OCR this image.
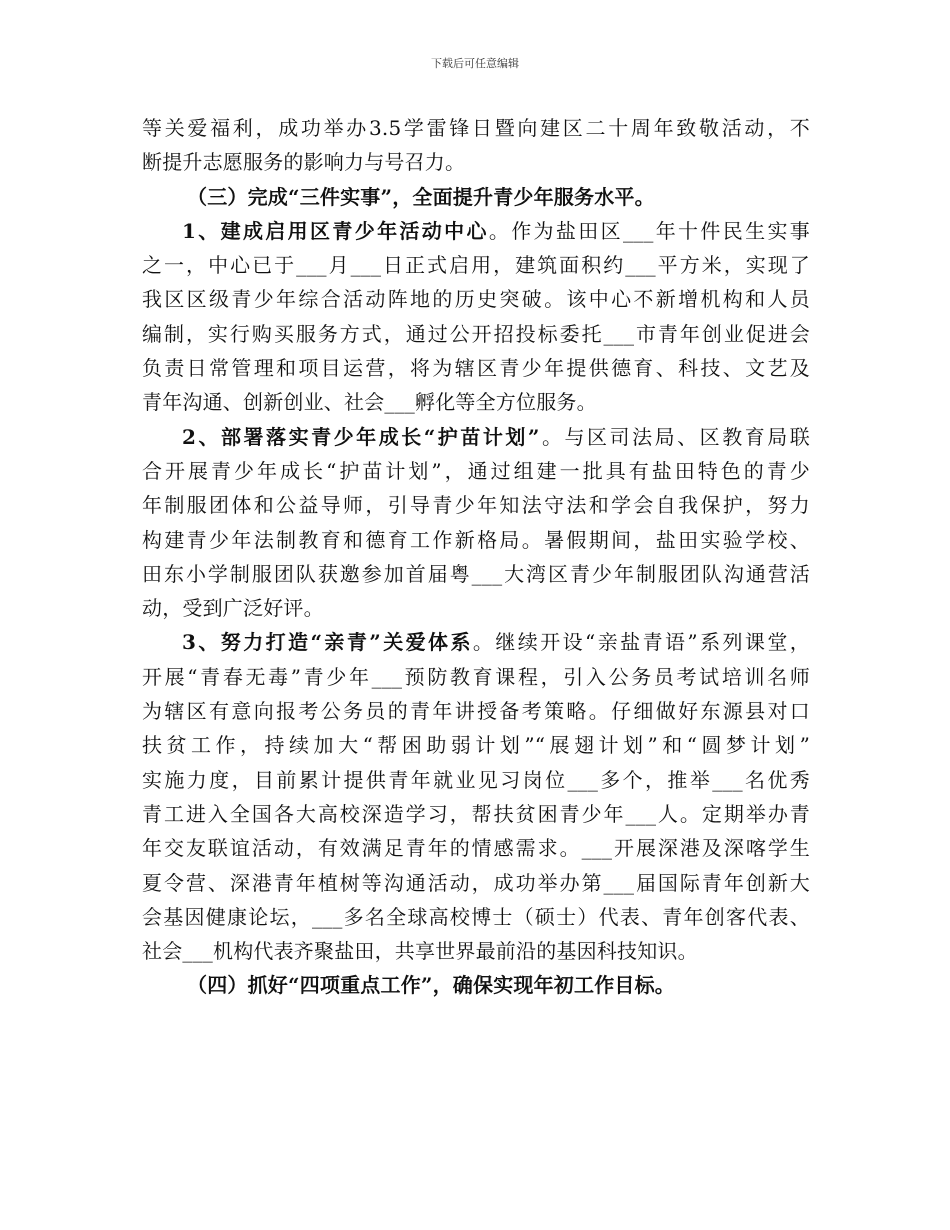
下载后可任意编辑
等关爱福利，成功举办3.5学雷锋日暨向建区二十周年致敬活动，不
断提升志愿服务的影响力与号召力。
（三）完成“三件实事”，全面提升青少年服务水平。
1、建成启用区青少年活动中心。作为盐田区___年十件民生实事
之一，中心已于___月___日正式启用，建筑面积约___平方米，实现了
我区区级青少年综合活动阵地的历史突破。该中心不新增机构和人员
编制，实行购买服务方式，通过公开招投标委托___市青年创业促进会
负责日常管理和项目运营，将为辖区青少年提供德育、科技、文艺及
青年沟通、创新创业、社会___孵化等全方位服务。
2、部署落实青少年成长“护苗计划”。与区司法局、区教育局联
合开展青少年成长“护苗计划”，通过组建一批具有盐田特色的青少
年制服团体和公益导师，引导青少年知法守法和学会自我保护，努力
构建青少年法制教育和德育工作新格局。暑假期间，盐田实验学校、
田东小学制服团队获邀参加首届粤___大湾区青少年制服团队沟通营活
动，受到广泛好评。
3、努力打造“亲青”关爱体系。继续开设“亲盐青语”系列课堂，
开展“青春无毒”青少年___预防教育课程，引入公务员考试培训名师
为辖区有意向报考公务员的青年讲授备考策略。仔细做好东源县对口
扶贫工作，持续加大“帮困助弱计划”“展翅计划”和“圆梦计划”
实施力度，目前累计提供青年就业见习岗位___多个，推举___名优秀
青工进入全国各大高校深造学习，帮扶贫困青少年___人。定期举办青
年交友联谊活动，有效满足青年的情感需求。___开展深港及深喀学生
夏令营、深港青年植树等沟通活动，成功举办第___届国际青年创新大
会基因健康论坛，___多名全球高校博士（硕士）代表、青年创客代表、
社会___机构代表齐聚盐田，共享世界最前沿的基因科技知识。
（四）抓好“四项重点工作”，确保实现年初工作目标。
